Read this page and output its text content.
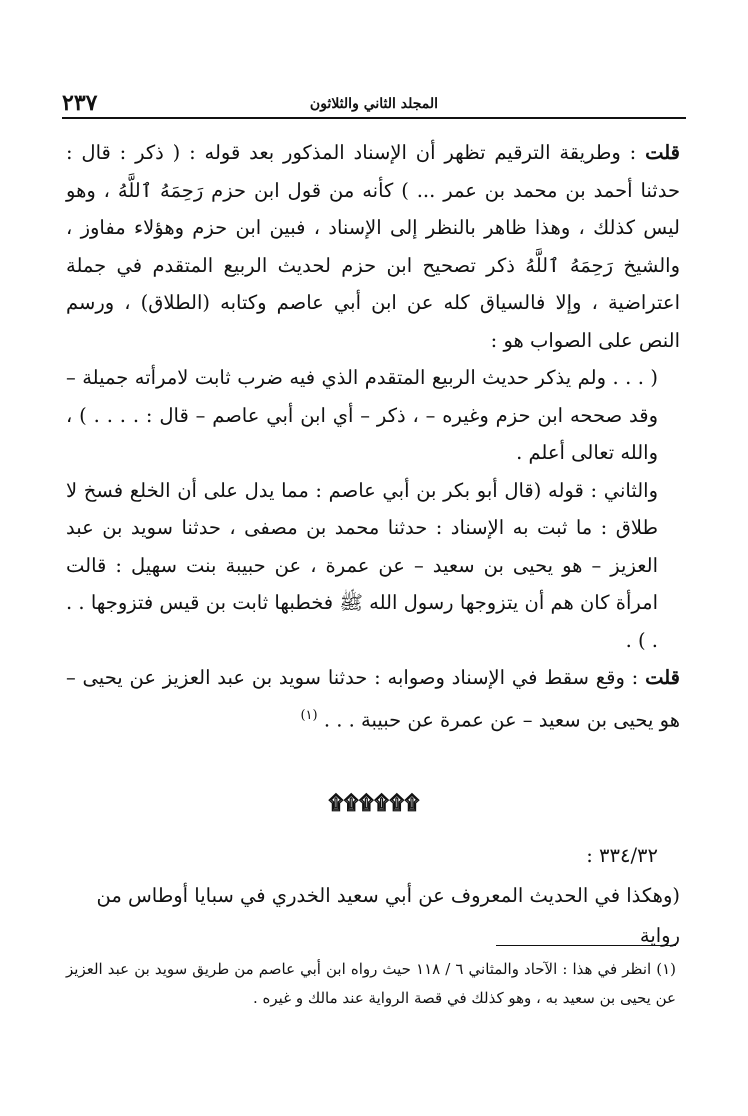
المجلد الثاني والثلاثون
٢٣٧

قلت : وطريقة الترقيم تظهر أن الإسناد المذكور بعد قوله : ( ذكر : قال : حدثنا أحمد بن محمد بن عمر ... ) كأنه من قول ابن حزم رَحِمَهُ ٱللَّهُ ، وهو ليس كذلك ، وهذا ظاهر بالنظر إلى الإسناد ، فبين ابن حزم وهؤلاء مفاوز ، والشيخ رَحِمَهُ ٱللَّهُ ذكر تصحيح ابن حزم لحديث الربيع المتقدم في جملة اعتراضية ، وإلا فالسياق كله عن ابن أبي عاصم وكتابه (الطلاق) ، ورسم النص على الصواب هو :

( . . . ولم يذكر حديث الربيع المتقدم الذي فيه ضرب ثابت لامرأته جميلة – وقد صححه ابن حزم وغيره – ، ذكر – أي ابن أبي عاصم – قال : . . . . ) ، والله تعالى أعلم .

والثاني : قوله (قال أبو بكر بن أبي عاصم : مما يدل على أن الخلع فسخ لا طلاق : ما ثبت به الإسناد : حدثنا محمد بن مصفى ، حدثنا سويد بن عبد العزيز – هو يحيى بن سعيد – عن عمرة ، عن حبيبة بنت سهيل : قالت امرأة كان هم أن يتزوجها رسول الله ﷺ فخطبها ثابت بن قيس فتزوجها . . . ) .

قلت : وقع سقط في الإسناد وصوابه : حدثنا سويد بن عبد العزيز عن يحيى – هو يحيى بن سعيد – عن عمرة عن حبيبة . . . $^{(١)}$

۩۩۩۩۩۩
٣٣٤/٣٢ :
(وهكذا في الحديث المعروف عن أبي سعيد الخدري في سبايا أوطاس من رواية

(١) انظر في هذا : الآحاد والمثاني ٦ / ١١٨ حيث رواه ابن أبي عاصم من طريق سويد بن عبد العزيز عن يحيى بن سعيد به ، وهو كذلك في قصة الرواية عند مالك و غيره .
